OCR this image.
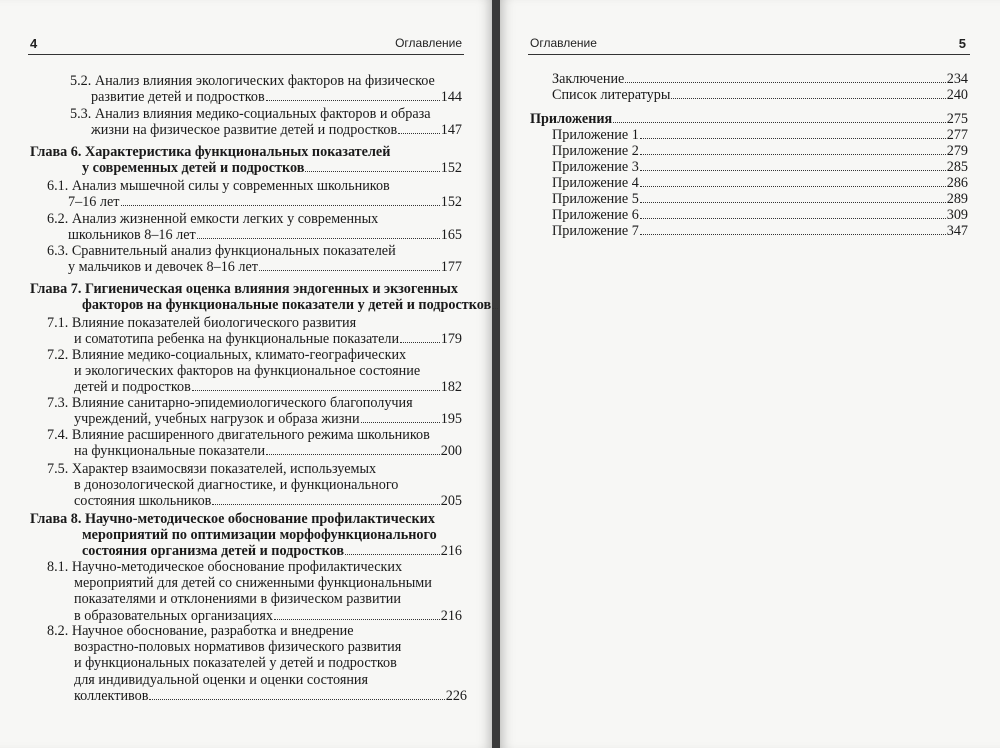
4	Оглавление
5.2. Анализ влияния экологических факторов на физическое
развитие детей и подростков	144
5.3. Анализ влияния медико-социальных факторов и образа
жизни на физическое развитие детей и подростков	147
Глава 6. Характеристика функциональных показателей
у современных детей и подростков	152
6.1. Анализ мышечной силы у современных школьников
7–16 лет	152
6.2. Анализ жизненной емкости легких у современных
школьников 8–16 лет	165
6.3. Сравнительный анализ функциональных показателей
у мальчиков и девочек 8–16 лет	177
Глава 7. Гигиеническая оценка влияния эндогенных и экзогенных
факторов на функциональные показатели у детей и подростков
7.1. Влияние показателей биологического развития
и соматотипа ребенка на функциональные показатели	179
7.2. Влияние медико-социальных, климато-географических
и экологических факторов на функциональное состояние
детей и подростков	182
7.3. Влияние санитарно-эпидемиологического благополучия
учреждений, учебных нагрузок и образа жизни	195
7.4. Влияние расширенного двигательного режима школьников
на функциональные показатели	200
7.5. Характер взаимосвязи показателей, используемых
в донозологической диагностике, и функционального
состояния школьников	205
Глава 8. Научно-методическое обоснование профилактических
мероприятий по оптимизации морфофункционального
состояния организма детей и подростков	216
8.1. Научно-методическое обоснование профилактических
мероприятий для детей со сниженными функциональными
показателями и отклонениями в физическом развитии
в образовательных организациях	216
8.2. Научное обоснование, разработка и внедрение
возрастно-половых нормативов физического развития
и функциональных показателей у детей и подростков
для индивидуальной оценки и оценки состояния
коллективов	226
Оглавление	5
Заключение	234
Список литературы	240
Приложения	275
Приложение 1	277
Приложение 2	279
Приложение 3	285
Приложение 4	286
Приложение 5	289
Приложение 6	309
Приложение 7	347
